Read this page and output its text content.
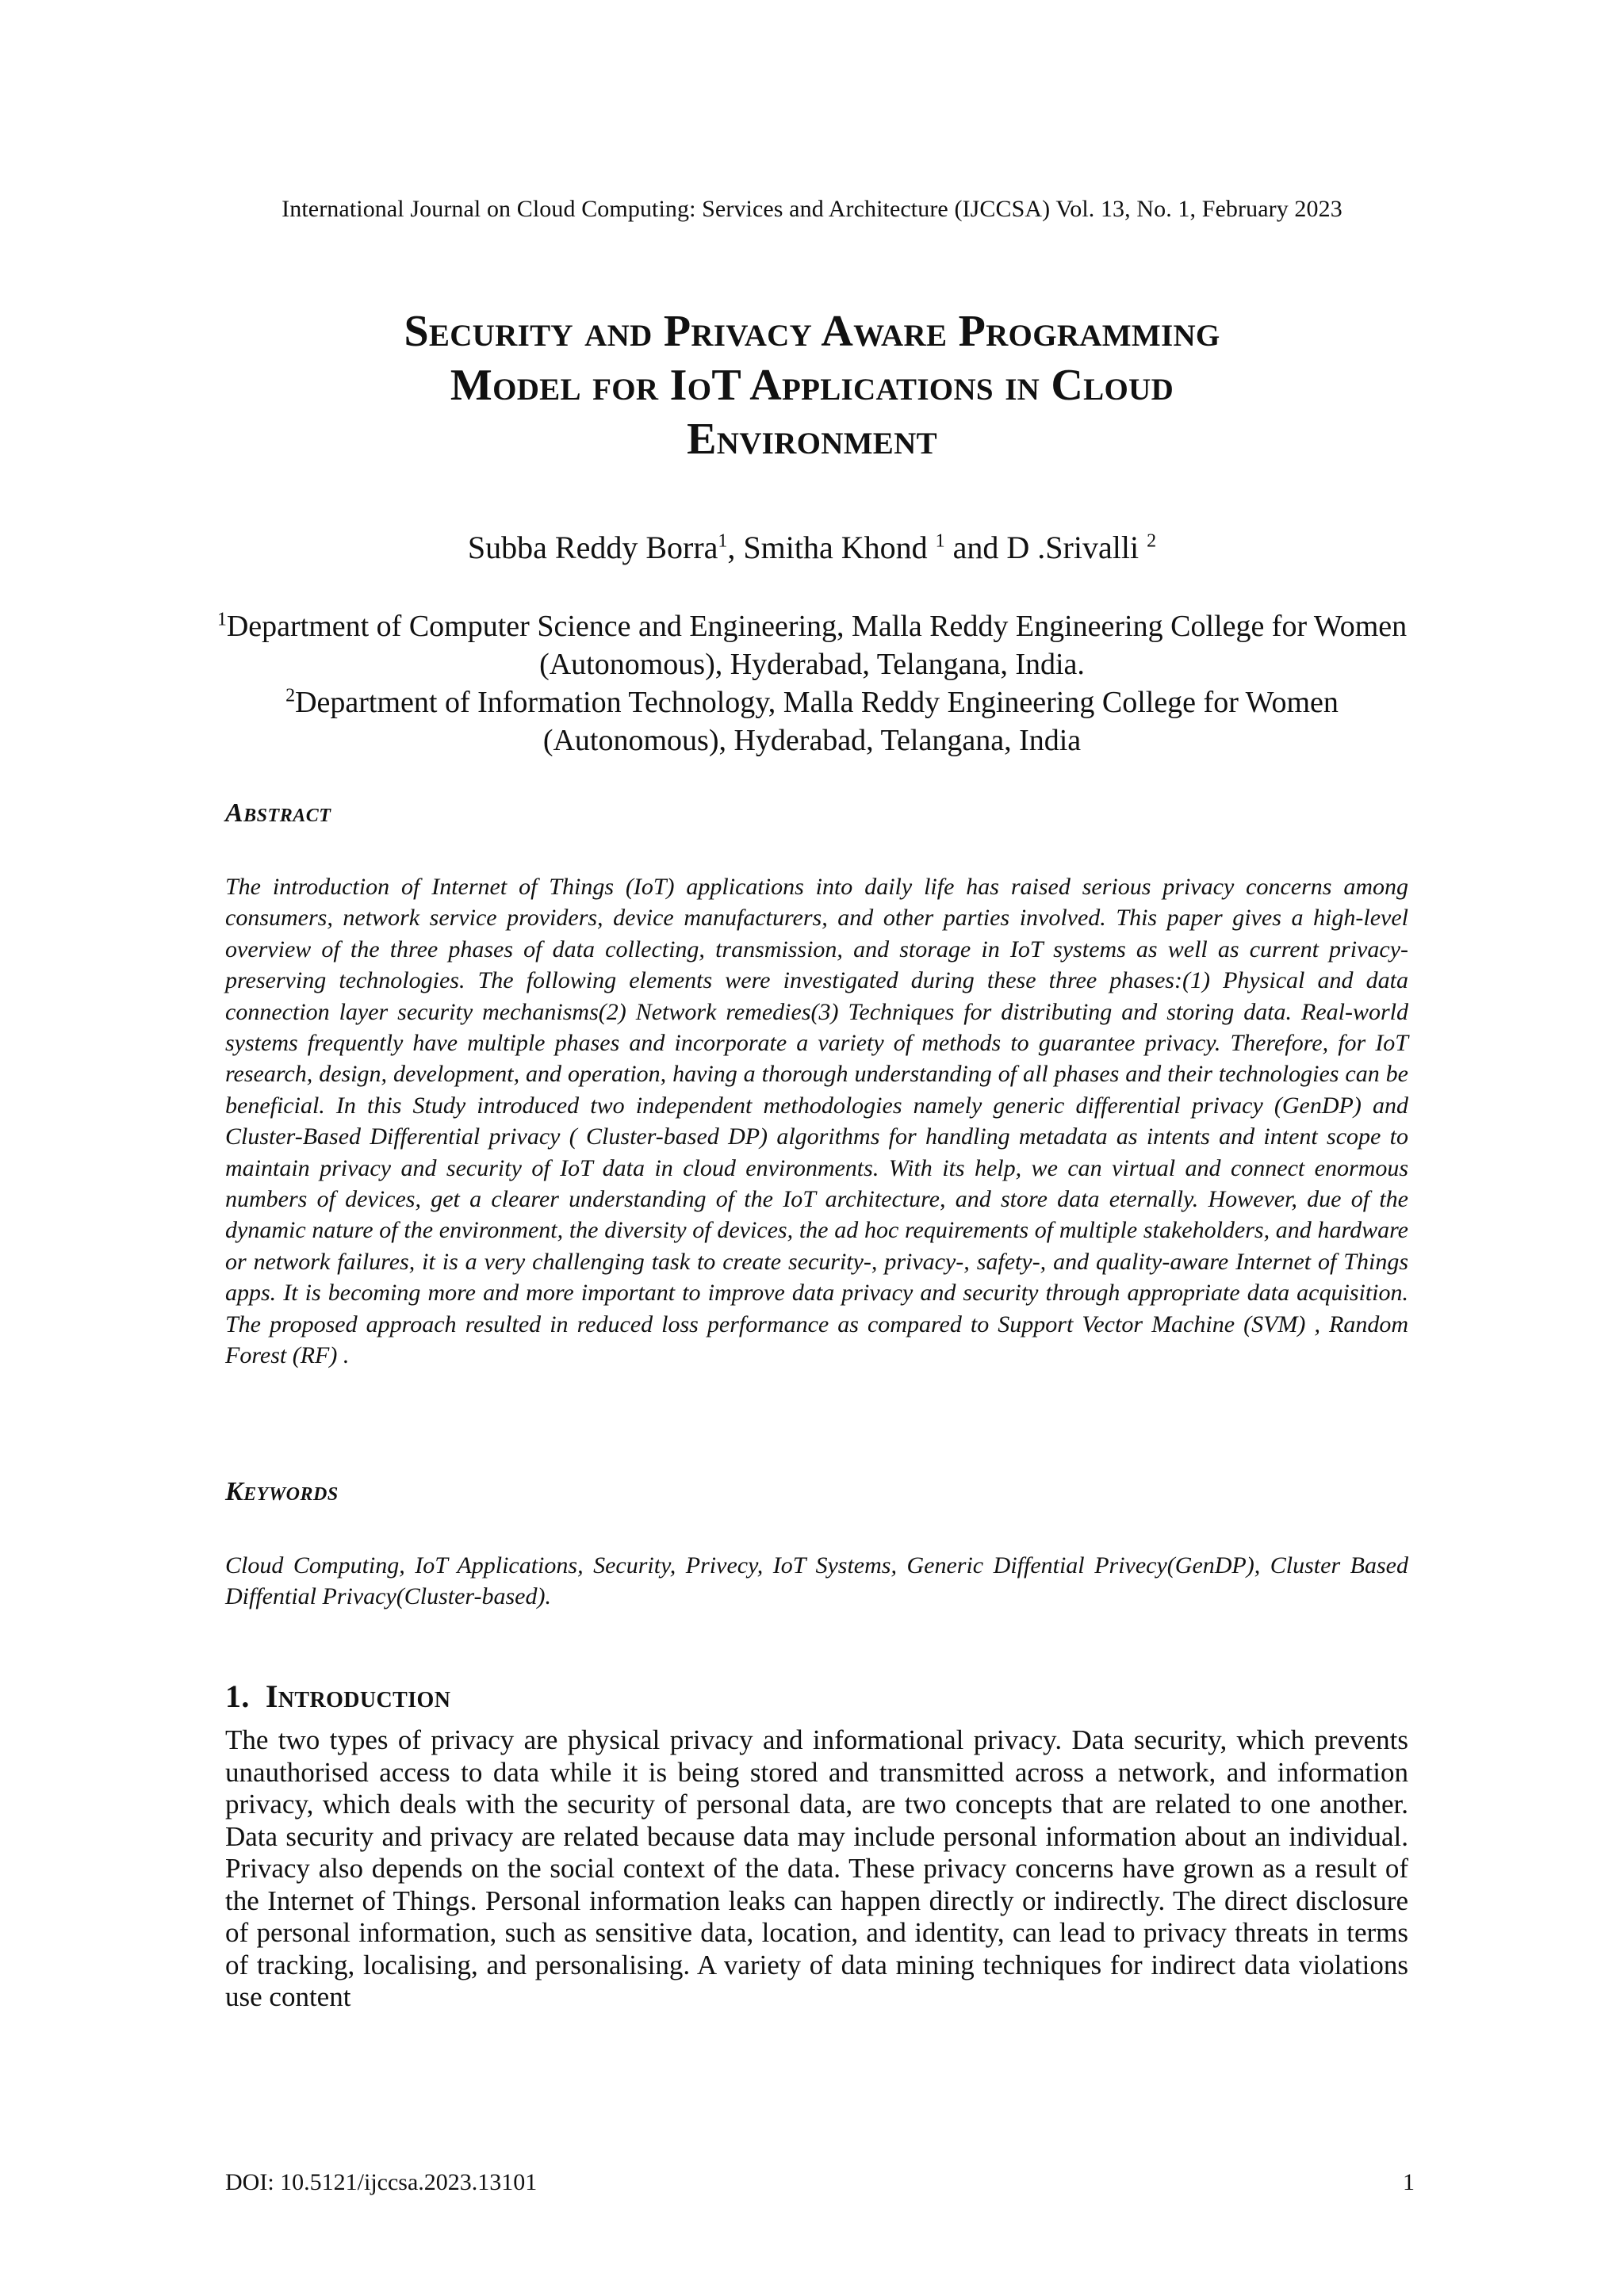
International Journal on Cloud Computing: Services and Architecture (IJCCSA) Vol. 13, No. 1, February 2023
Security and Privacy Aware Programming
Model for IoT Applications in Cloud
Environment
Subba Reddy Borra$^1$, Smitha Khond $^1$ and D .Srivalli $^2$
$^1$Department of Computer Science and Engineering, Malla Reddy Engineering College for Women (Autonomous), Hyderabad, Telangana, India.
$^2$Department of Information Technology, Malla Reddy Engineering College for Women (Autonomous), Hyderabad, Telangana, India
Abstract

The introduction of Internet of Things (IoT) applications into daily life has raised serious privacy concerns among consumers, network service providers, device manufacturers, and other parties involved. This paper gives a high-level overview of the three phases of data collecting, transmission, and storage in IoT systems as well as current privacy-preserving technologies. The following elements were investigated during these three phases:(1) Physical and data connection layer security mechanisms(2) Network remedies(3) Techniques for distributing and storing data. Real-world systems frequently have multiple phases and incorporate a variety of methods to guarantee privacy. Therefore, for IoT research, design, development, and operation, having a thorough understanding of all phases and their technologies can be beneficial. In this Study introduced two independent methodologies namely generic differential privacy (GenDP) and Cluster-Based Differential privacy ( Cluster-based DP) algorithms for handling metadata as intents and intent scope to maintain privacy and security of IoT data in cloud environments. With its help, we can virtual and connect enormous numbers of devices, get a clearer understanding of the IoT architecture, and store data eternally. However, due of the dynamic nature of the environment, the diversity of devices, the ad hoc requirements of multiple stakeholders, and hardware or network failures, it is a very challenging task to create security-, privacy-, safety-, and quality-aware Internet of Things apps. It is becoming more and more important to improve data privacy and security through appropriate data acquisition. The proposed approach resulted in reduced loss performance as compared to Support Vector Machine (SVM) , Random Forest (RF) .

Keywords

Cloud Computing, IoT Applications, Security, Privecy, IoT Systems, Generic Diffential Privecy(GenDP), Cluster Based Diffential Privacy(Cluster-based).

1. Introduction

The two types of privacy are physical privacy and informational privacy. Data security, which prevents unauthorised access to data while it is being stored and transmitted across a network, and information privacy, which deals with the security of personal data, are two concepts that are related to one another. Data security and privacy are related because data may include personal information about an individual. Privacy also depends on the social context of the data. These privacy concerns have grown as a result of the Internet of Things. Personal information leaks can happen directly or indirectly. The direct disclosure of personal information, such as sensitive data, location, and identity, can lead to privacy threats in terms of tracking, localising, and personalising. A variety of data mining techniques for indirect data violations use content

DOI: 10.5121/ijccsa.2023.13101	1
